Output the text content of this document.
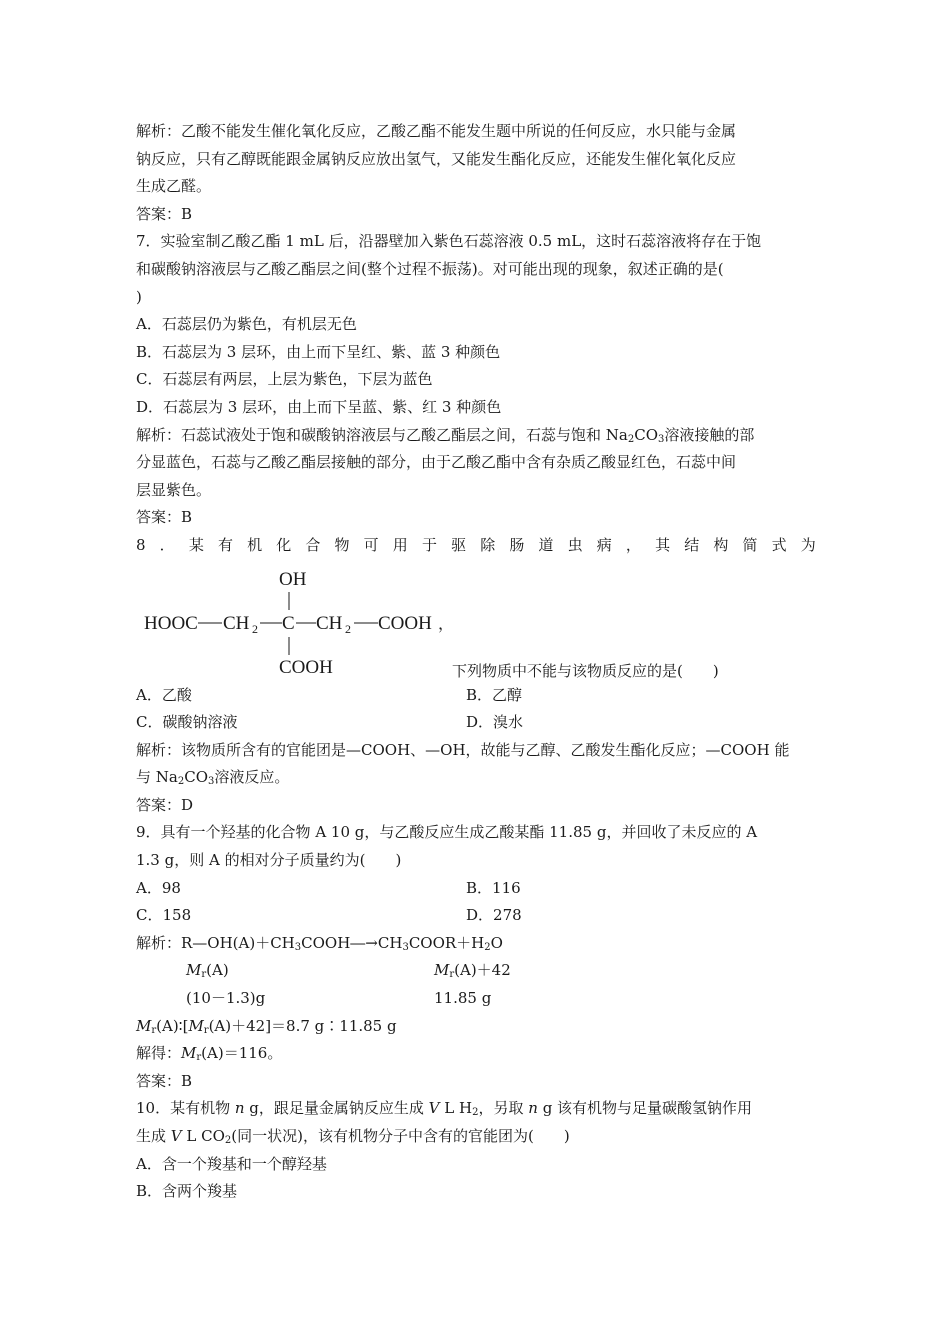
解析：乙酸不能发生催化氧化反应，乙酸乙酯不能发生题中所说的任何反应，水只能与金属
钠反应，只有乙醇既能跟金属钠反应放出氢气，又能发生酯化反应，还能发生催化氧化反应
生成乙醛。
答案：B
7．实验室制乙酸乙酯 1 mL 后，沿器壁加入紫色石蕊溶液 0.5 mL，这时石蕊溶液将存在于饱
和碳酸钠溶液层与乙酸乙酯层之间(整个过程不振荡)。对可能出现的现象，叙述正确的是(
)
A．石蕊层仍为紫色，有机层无色
B．石蕊层为 3 层环，由上而下呈红、紫、蓝 3 种颜色
C．石蕊层有两层，上层为紫色，下层为蓝色
D．石蕊层为 3 层环，由上而下呈蓝、紫、红 3 种颜色
解析：石蕊试液处于饱和碳酸钠溶液层与乙酸乙酯层之间，石蕊与饱和 $Na_2CO_3$溶液接触的部
分显蓝色，石蕊与乙酸乙酯层接触的部分，由于乙酸乙酯中含有杂质乙酸显红色，石蕊中间
层显紫色。
答案：B
8 ． 某 有 机 化 合 物 可 用 于 驱 除 肠 道 虫 病 ， 其 结 构 简 式 为
OH
HOOC CH 2 C CH 2 COOH ，
COOH	下列物质中不能与该物质反应的是(　　)
A．乙酸	B．乙醇
C．碳酸钠溶液	D．溴水
解析：该物质所含有的官能团是—COOH、—OH，故能与乙醇、乙酸发生酯化反应；—COOH 能
与 $Na_2CO_3$溶液反应。
答案：D
9．具有一个羟基的化合物 A 10 g，与乙酸反应生成乙酸某酯 11.85 g，并回收了未反应的 A
1.3 g，则 A 的相对分子质量约为(　　)
A．98	B．116
C．158	D．278
解析：$R—OH(A)+CH_3COOH―\to CH_3COOR+H_2O$
$M_r(A)$	$M_r(A)+42$
(10－1.3)g	11.85 g
$M_r(A)∶[M_r(A)+42]=8.7$ g∶11.85 g
解得：$M_r(A)=116$。
答案：B
10．某有机物 n g，跟足量金属钠反应生成 V L $H_2$，另取 n g 该有机物与足量碳酸氢钠作用
生成 V L $CO_2$(同一状况)，该有机物分子中含有的官能团为(　　)
A．含一个羧基和一个醇羟基
B．含两个羧基
